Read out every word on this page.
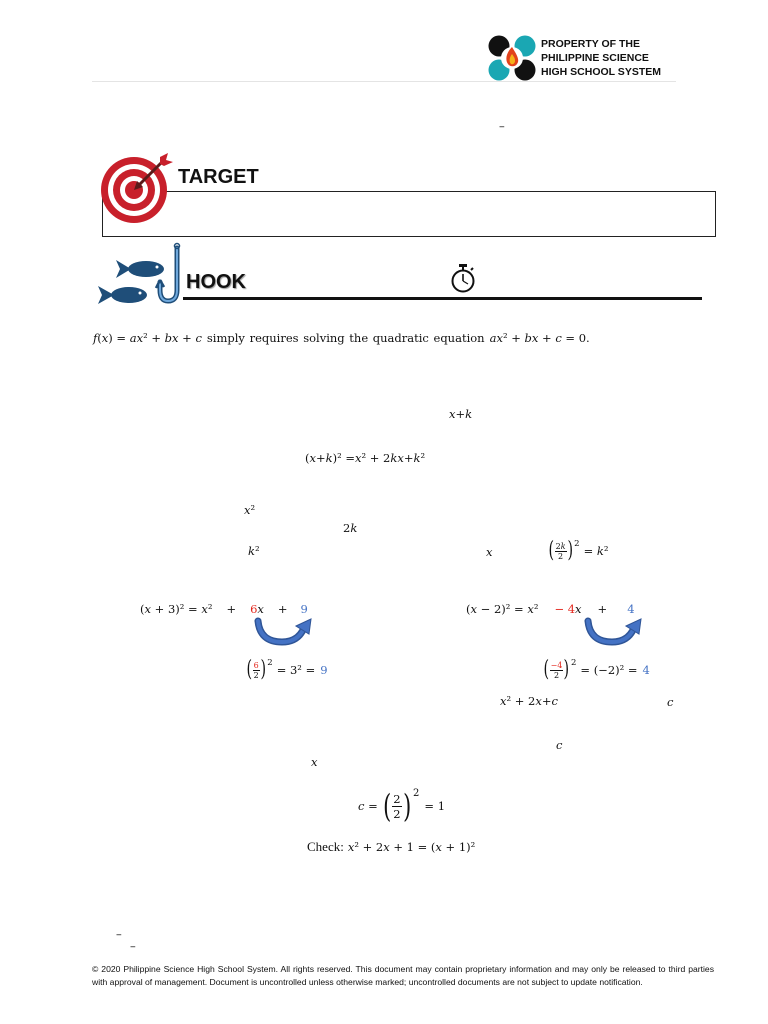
PROPERTY OF THE
PHILIPPINE SCIENCE
HIGH SCHOOL SYSTEM
–
TARGET
HOOK
f(x) = ax² + bx + c simply requires solving the quadratic equation ax² + bx + c = 0.
x + k
( x + k )² = x ² + 2 k x + k ²
x ²
2 k
k ²	x	( $\frac{2k}{2}$ ) 2 = k²
(x + 3)² = x² + 6 x + 9
( $\frac{6}{2}$ ) 2 = 3² = 9
(x − 2)² = x² − 4 x + 4
( $\frac{-4}{2}$ ) 2 = (−2)² = 4
x ² + 2 x + c	c
c
x
c = ( $\frac{2}{2}$ ) 2
= 1
Check: x² + 2x + 1 = (x + 1)²
–
–
© 2020 Philippine Science High School System. All rights reserved. This document may contain proprietary information and may only be released to third parties with approval of management. Document is uncontrolled unless otherwise marked; uncontrolled documents are not subject to update notification.
